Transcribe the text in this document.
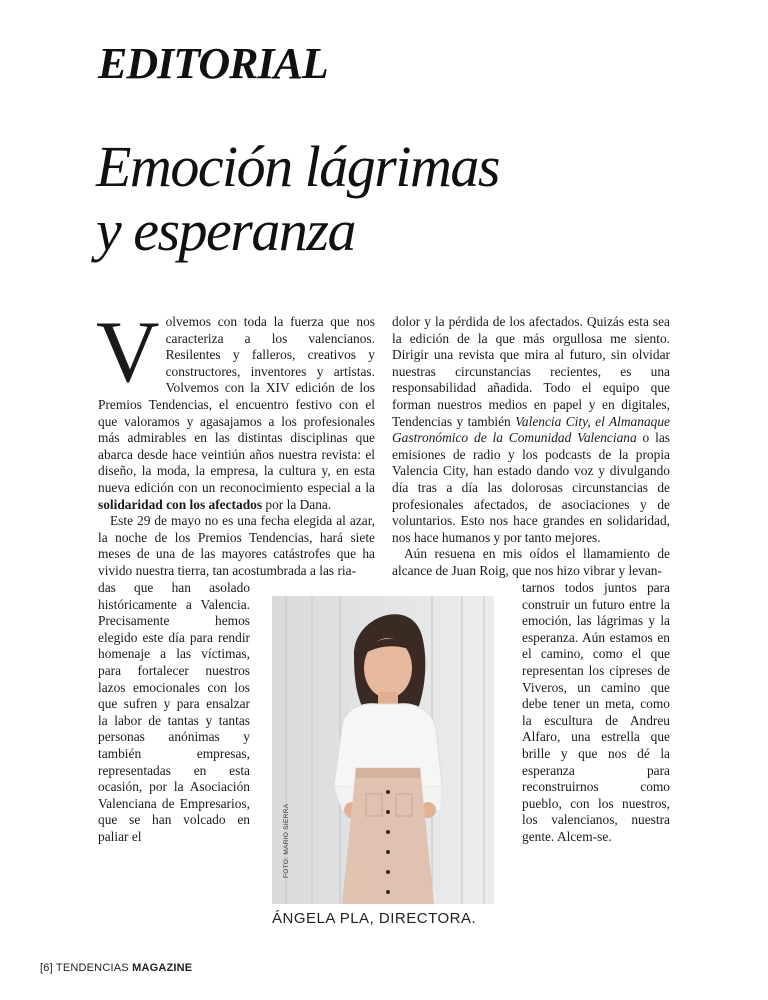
EDITORIAL
Emoción lágrimas
y esperanza

Volvemos con toda la fuerza que nos caracteriza a los valencianos. Resilentes y falleros, creativos y constructores, inventores y artistas. Volvemos con la XIV edición de los Premios Tendencias, el encuentro festivo con el que valoramos y agasajamos a los profesionales más admirables en las distintas disciplinas que abarca desde hace veintiún años nuestra revista: el diseño, la moda, la empresa, la cultura y, en esta nueva edición con un reconocimiento especial a la solidaridad con los afectados por la Dana.

Este 29 de mayo no es una fecha elegida al azar, la noche de los Premios Tendencias, hará siete meses de una de las mayores catástrofes que ha vivido nuestra tierra, tan acostumbrada a las ria-

das que han asolado históricamente a Valencia. Precisamente hemos elegido este día para rendir homenaje a las víctimas, para fortalecer nuestros lazos emocionales con los que sufren y para ensalzar la labor de tantas y tantas personas anónimas y también empresas, representadas en esta ocasión, por la Asociación Valenciana de Empresarios, que se han volcado en paliar el

dolor y la pérdida de los afectados. Quizás esta sea la edición de la que más orgullosa me siento. Dirigir una revista que mira al futuro, sin olvidar nuestras circunstancias recientes, es una responsabilidad añadida. Todo el equipo que forman nuestros medios en papel y en digitales, Tendencias y también Valencia City, el Almanaque Gastronómico de la Comunidad Valenciana o las emisiones de radio y los podcasts de la propia Valencia City, han estado dando voz y divulgando día tras a día las dolorosas circunstancias de profesionales afectados, de asociaciones y de voluntarios. Esto nos hace grandes en solidaridad, nos hace humanos y por tanto mejores.

Aún resuena en mis oídos el llamamiento de alcance de Juan Roig, que nos hizo vibrar y levan-

tarnos todos juntos para construir un futuro entre la emoción, las lágrimas y la esperanza. Aún estamos en el camino, como el que representan los cipreses de Viveros, un camino que debe tener un meta, como la escultura de Andreu Alfaro, una estrella que brille y que nos dé la esperanza para reconstruirnos como pueblo, con los nuestros, los valencianos, nuestra gente. Alcem-se.

FOTO: MARIO SIERRA
ÁNGELA PLA, DIRECTORA.
[6] TENDENCIAS MAGAZINE
